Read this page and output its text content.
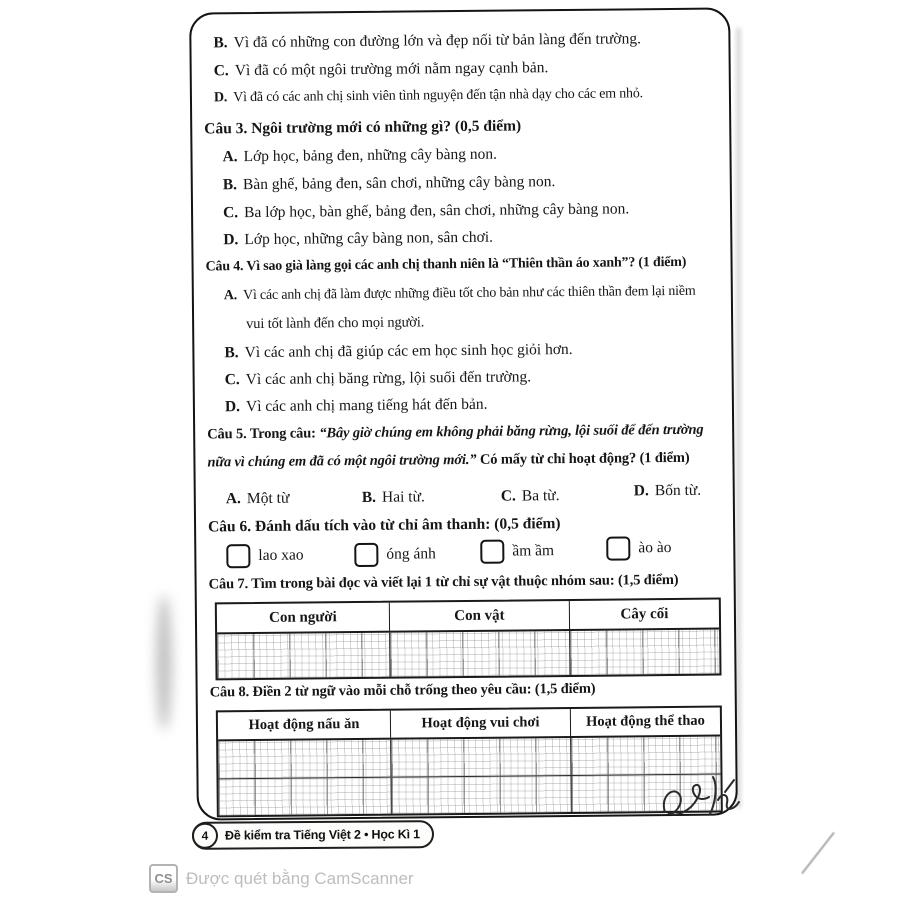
B. Vì đã có những con đường lớn và đẹp nối từ bản làng đến trường.
C. Vì đã có một ngôi trường mới nằm ngay cạnh bản.
D. Vì đã có các anh chị sinh viên tình nguyện đến tận nhà dạy cho các em nhỏ.
Câu 3. Ngôi trường mới có những gì? (0,5 điểm)
A. Lớp học, bảng đen, những cây bàng non.
B. Bàn ghế, bảng đen, sân chơi, những cây bàng non.
C. Ba lớp học, bàn ghế, bảng đen, sân chơi, những cây bàng non.
D. Lớp học, những cây bàng non, sân chơi.
Câu 4. Vì sao già làng gọi các anh chị thanh niên là “Thiên thần áo xanh”? (1 điểm)
A. Vì các anh chị đã làm được những điều tốt cho bản như các thiên thần đem lại niềm
vui tốt lành đến cho mọi người.
B. Vì các anh chị đã giúp các em học sinh học giỏi hơn.
C. Vì các anh chị băng rừng, lội suối đến trường.
D. Vì các anh chị mang tiếng hát đến bản.
Câu 5. Trong câu: “Bây giờ chúng em không phải băng rừng, lội suối để đến trường
nữa vì chúng em đã có một ngôi trường mới.” Có mấy từ chỉ hoạt động? (1 điểm)
A. Một từ	B. Hai từ.	C. Ba từ.	D. Bốn từ.
Câu 6. Đánh dấu tích vào từ chỉ âm thanh: (0,5 điểm)
lao xao	óng ánh	ầm ầm	ào ào
Câu 7. Tìm trong bài đọc và viết lại 1 từ chỉ sự vật thuộc nhóm sau: (1,5 điểm)
Con người	Con vật	Cây cối
Câu 8. Điền 2 từ ngữ vào mỗi chỗ trống theo yêu cầu: (1,5 điểm)
Hoạt động nấu ăn	Hoạt động vui chơi	Hoạt động thể thao
4	Đề kiểm tra Tiếng Việt 2 • Học Kì 1
CS Được quét bằng CamScanner
